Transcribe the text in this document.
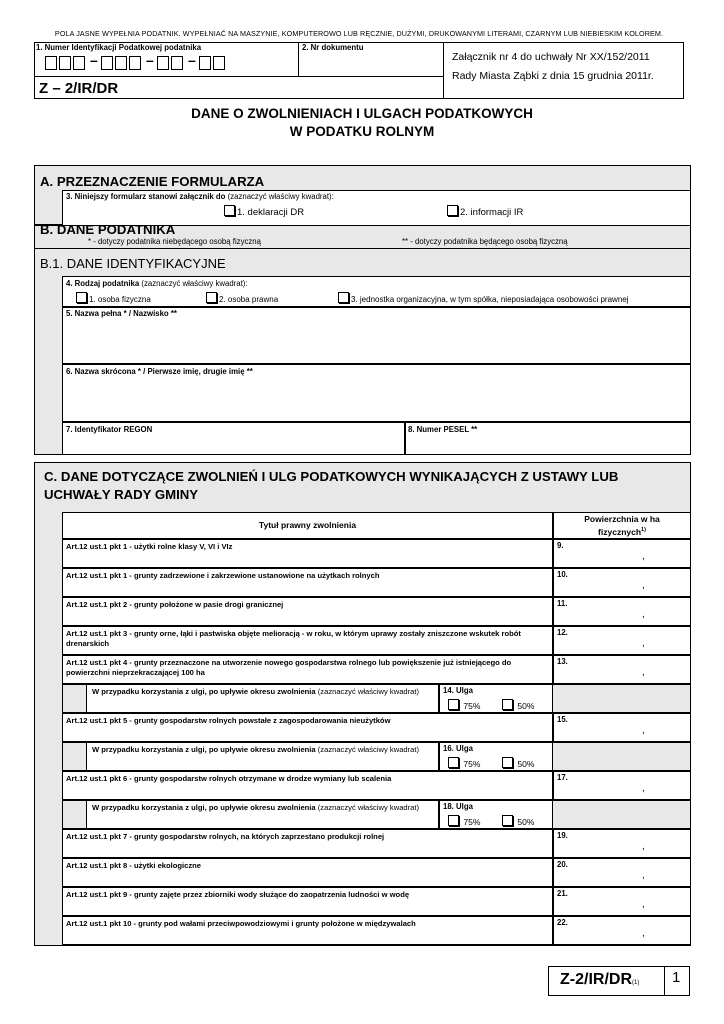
POLA JASNE WYPEŁNIA PODATNIK. WYPEŁNIAĆ NA MASZYNIE, KOMPUTEROWO LUB RĘCZNIE, DUŻYMI, DRUKOWANYMI LITERAMI, CZARNYM LUB NIEBIESKIM KOLOREM.
1. Numer Identyfikacji Podatkowej podatnika	2. Nr dokumentu
–	– –	Załącznik nr 4 do uchwały Nr XX/152/2011
Rady Miasta Ząbki z dnia 15 grudnia 2011r.
Z – 2/IR/DR
DANE O ZWOLNIENIACH I ULGACH PODATKOWYCH
W PODATKU ROLNYM
A. PRZEZNACZENIE FORMULARZA
3. Niniejszy formularz stanowi załącznik do (zaznaczyć właściwy kwadrat):
1. deklaracji DR	2. informacji IR
B. DANE PODATNIKA
* - dotyczy podatnika niebędącego osobą fizyczną	** - dotyczy podatnika będącego osobą fizyczną
B.1. DANE IDENTYFIKACYJNE
4. Rodzaj podatnika (zaznaczyć właściwy kwadrat):
1. osoba fizyczna	2. osoba prawna	3. jednostka organizacyjna, w tym spółka, nieposiadająca osobowości prawnej
5. Nazwa pełna * / Nazwisko **
6. Nazwa skrócona * / Pierwsze imię, drugie imię **
7. Identyfikator REGON	8. Numer PESEL **
C. DANE DOTYCZĄCE ZWOLNIEŃ I ULG PODATKOWYCH WYNIKAJĄCYCH Z USTAWY LUB
UCHWAŁY RADY GMINY
Tytuł prawny zwolnienia
Powierzchnia w ha
fizycznych$^{1)}$
Art.12 ust.1 pkt 1 - użytki rolne klasy V, VI i VIz	9.
,
Art.12 ust.1 pkt 1 - grunty zadrzewione i zakrzewione ustanowione na użytkach rolnych	10.
,
Art.12 ust.1 pkt 2 - grunty położone w pasie drogi granicznej	11.
,
Art.12 ust.1 pkt 3 - grunty orne, łąki i pastwiska objęte melioracją - w roku, w którym uprawy zostały zniszczone wskutek robót drenarskich
12.
,
Art.12 ust.1 pkt 4 - grunty przeznaczone na utworzenie nowego gospodarstwa rolnego lub powiększenie już istniejącego do powierzchni nieprzekraczającej 100 ha
13.
,
W przypadku korzystania z ulgi, po upływie okresu zwolnienia (zaznaczyć właściwy kwadrat)	14. Ulga
75%	50%
Art.12 ust.1 pkt 5 - grunty gospodarstw rolnych powstałe z zagospodarowania nieużytków	15.
,
W przypadku korzystania z ulgi, po upływie okresu zwolnienia (zaznaczyć właściwy kwadrat)	16. Ulga
75%	50%
Art.12 ust.1 pkt 6 - grunty gospodarstw rolnych otrzymane w drodze wymiany lub scalenia	17.
,
W przypadku korzystania z ulgi, po upływie okresu zwolnienia (zaznaczyć właściwy kwadrat)	18. Ulga
75%	50%
Art.12 ust.1 pkt 7 - grunty gospodarstw rolnych, na których zaprzestano produkcji rolnej	19.
,
Art.12 ust.1 pkt 8 - użytki ekologiczne	20.
,
Art.12 ust.1 pkt 9 - grunty zajęte przez zbiorniki wody służące do zaopatrzenia ludności w wodę	21.
,
Art.12 ust.1 pkt 10 - grunty pod wałami przeciwpowodziowymi i grunty położone w międzywalach	22.
,
Z-2/IR/DR(1) 1
